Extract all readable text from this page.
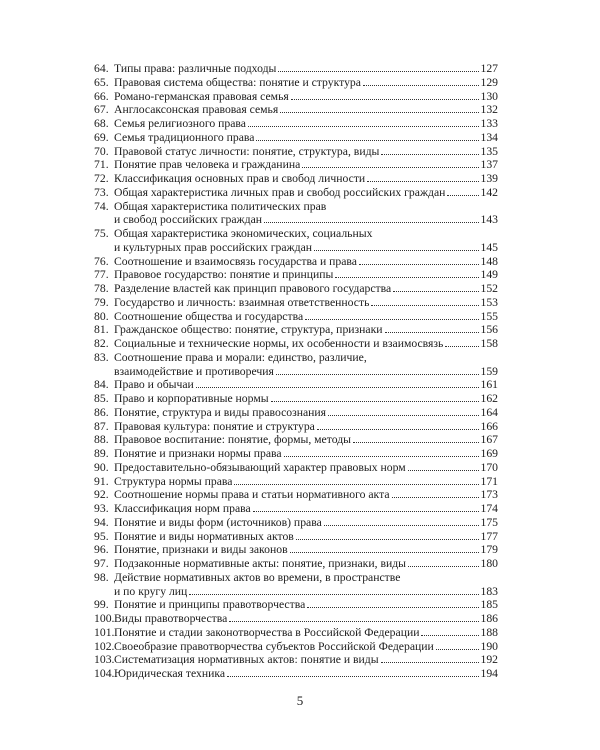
64. Типы права: различные подходы	127
65. Правовая система общества: понятие и структура	129
66. Романо-германская правовая семья	130
67. Англосаксонская правовая семья	132
68. Семья религиозного права	133
69. Семья традиционного права	134
70. Правовой статус личности: понятие, структура, виды	135
71. Понятие прав человека и гражданина	137
72. Классификация основных прав и свобод личности	139
73. Общая характеристика личных прав и свобод российских граждан	142
74. Общая характеристика политических прав
и свобод российских граждан	143
75. Общая характеристика экономических, социальных
и культурных прав российских граждан	145
76. Соотношение и взаимосвязь государства и права	148
77. Правовое государство: понятие и принципы	149
78. Разделение властей как принцип правового государства	152
79. Государство и личность: взаимная ответственность	153
80. Соотношение общества и государства	155
81. Гражданское общество: понятие, структура, признаки	156
82. Социальные и технические нормы, их особенности и взаимосвязь	158
83. Соотношение права и морали: единство, различие,
взаимодействие и противоречия	159
84. Право и обычаи	161
85. Право и корпоративные нормы	162
86. Понятие, структура и виды правосознания	164
87. Правовая культура: понятие и структура	166
88. Правовое воспитание: понятие, формы, методы	167
89. Понятие и признаки нормы права	169
90. Предоставительно-обязывающий характер правовых норм	170
91. Структура нормы права	171
92. Соотношение нормы права и статьи нормативного акта	173
93. Классификация норм права	174
94. Понятие и виды форм (источников) права	175
95. Понятие и виды нормативных актов	177
96. Понятие, признаки и виды законов	179
97. Подзаконные нормативные акты: понятие, признаки, виды	180
98. Действие нормативных актов во времени, в пространстве
и по кругу лиц	183
99. Понятие и принципы правотворчества	185
100. Виды правотворчества	186
101. Понятие и стадии законотворчества в Российской Федерации	188
102. Своеобразие правотворчества субъектов Российской Федерации	190
103. Систематизация нормативных актов: понятие и виды	192
104. Юридическая техника	194
5
